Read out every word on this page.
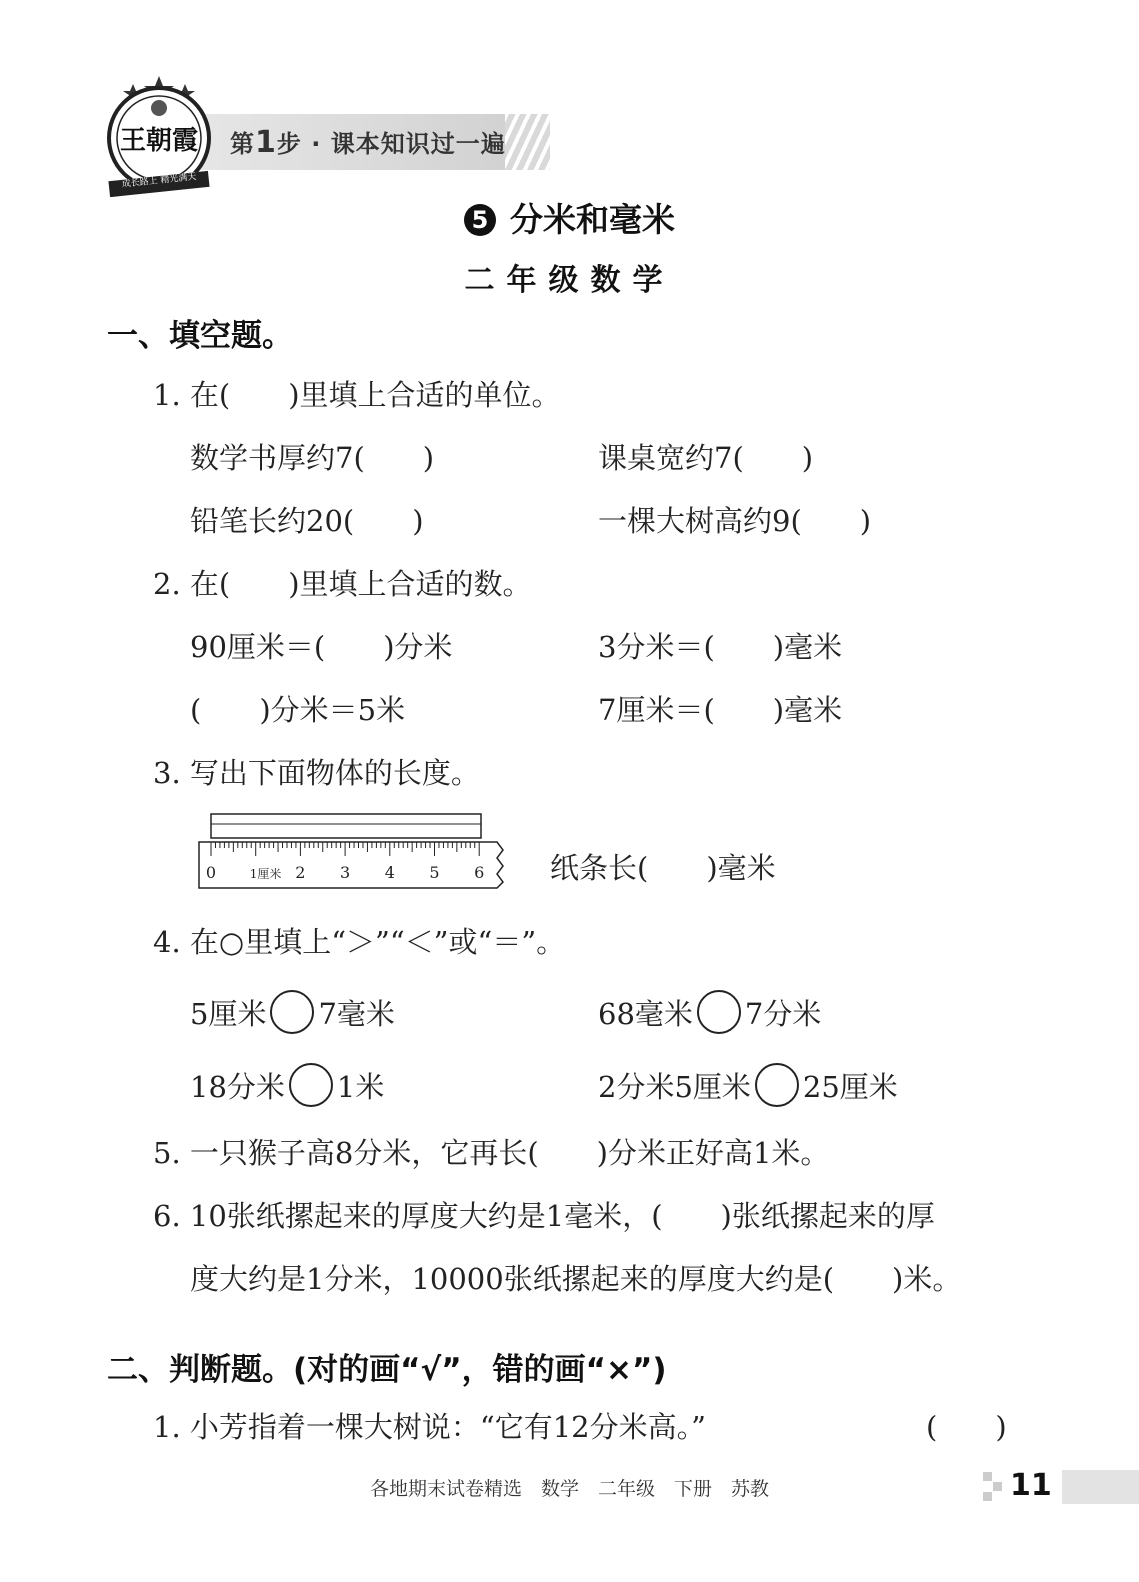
第1步 · 课本知识过一遍
王朝霞
成长路上 精光满天
5 分米和毫米
二年级数学
一、填空题。
1. 在(　　)里填上合适的单位。
数学书厚约7(　　)	课桌宽约7(　　)
铅笔长约20(　　)	一棵大树高约9(　　)
2. 在(　　)里填上合适的数。
90厘米＝(　　)分米	3分米＝(　　)毫米
(　　)分米＝5米	7厘米＝(　　)毫米
3. 写出下面物体的长度。
0	1厘米 2 3 4 5 6 纸条长(　　)毫米
4. 在○里填上“＞”“＜”或“＝”。
5厘米 7毫米	68毫米 7分米
18分米 1米	2分米5厘米 25厘米
5. 一只猴子高8分米，它再长(　　)分米正好高1米。
6. 10张纸摞起来的厚度大约是1毫米，(　　)张纸摞起来的厚
度大约是1分米，10000张纸摞起来的厚度大约是(　　)米。
二、判断题。(对的画“√”，错的画“×”)
1. 小芳指着一棵大树说：“它有12分米高。”	(　　)
各地期末试卷精选　数学　二年级　下册　苏教	11
